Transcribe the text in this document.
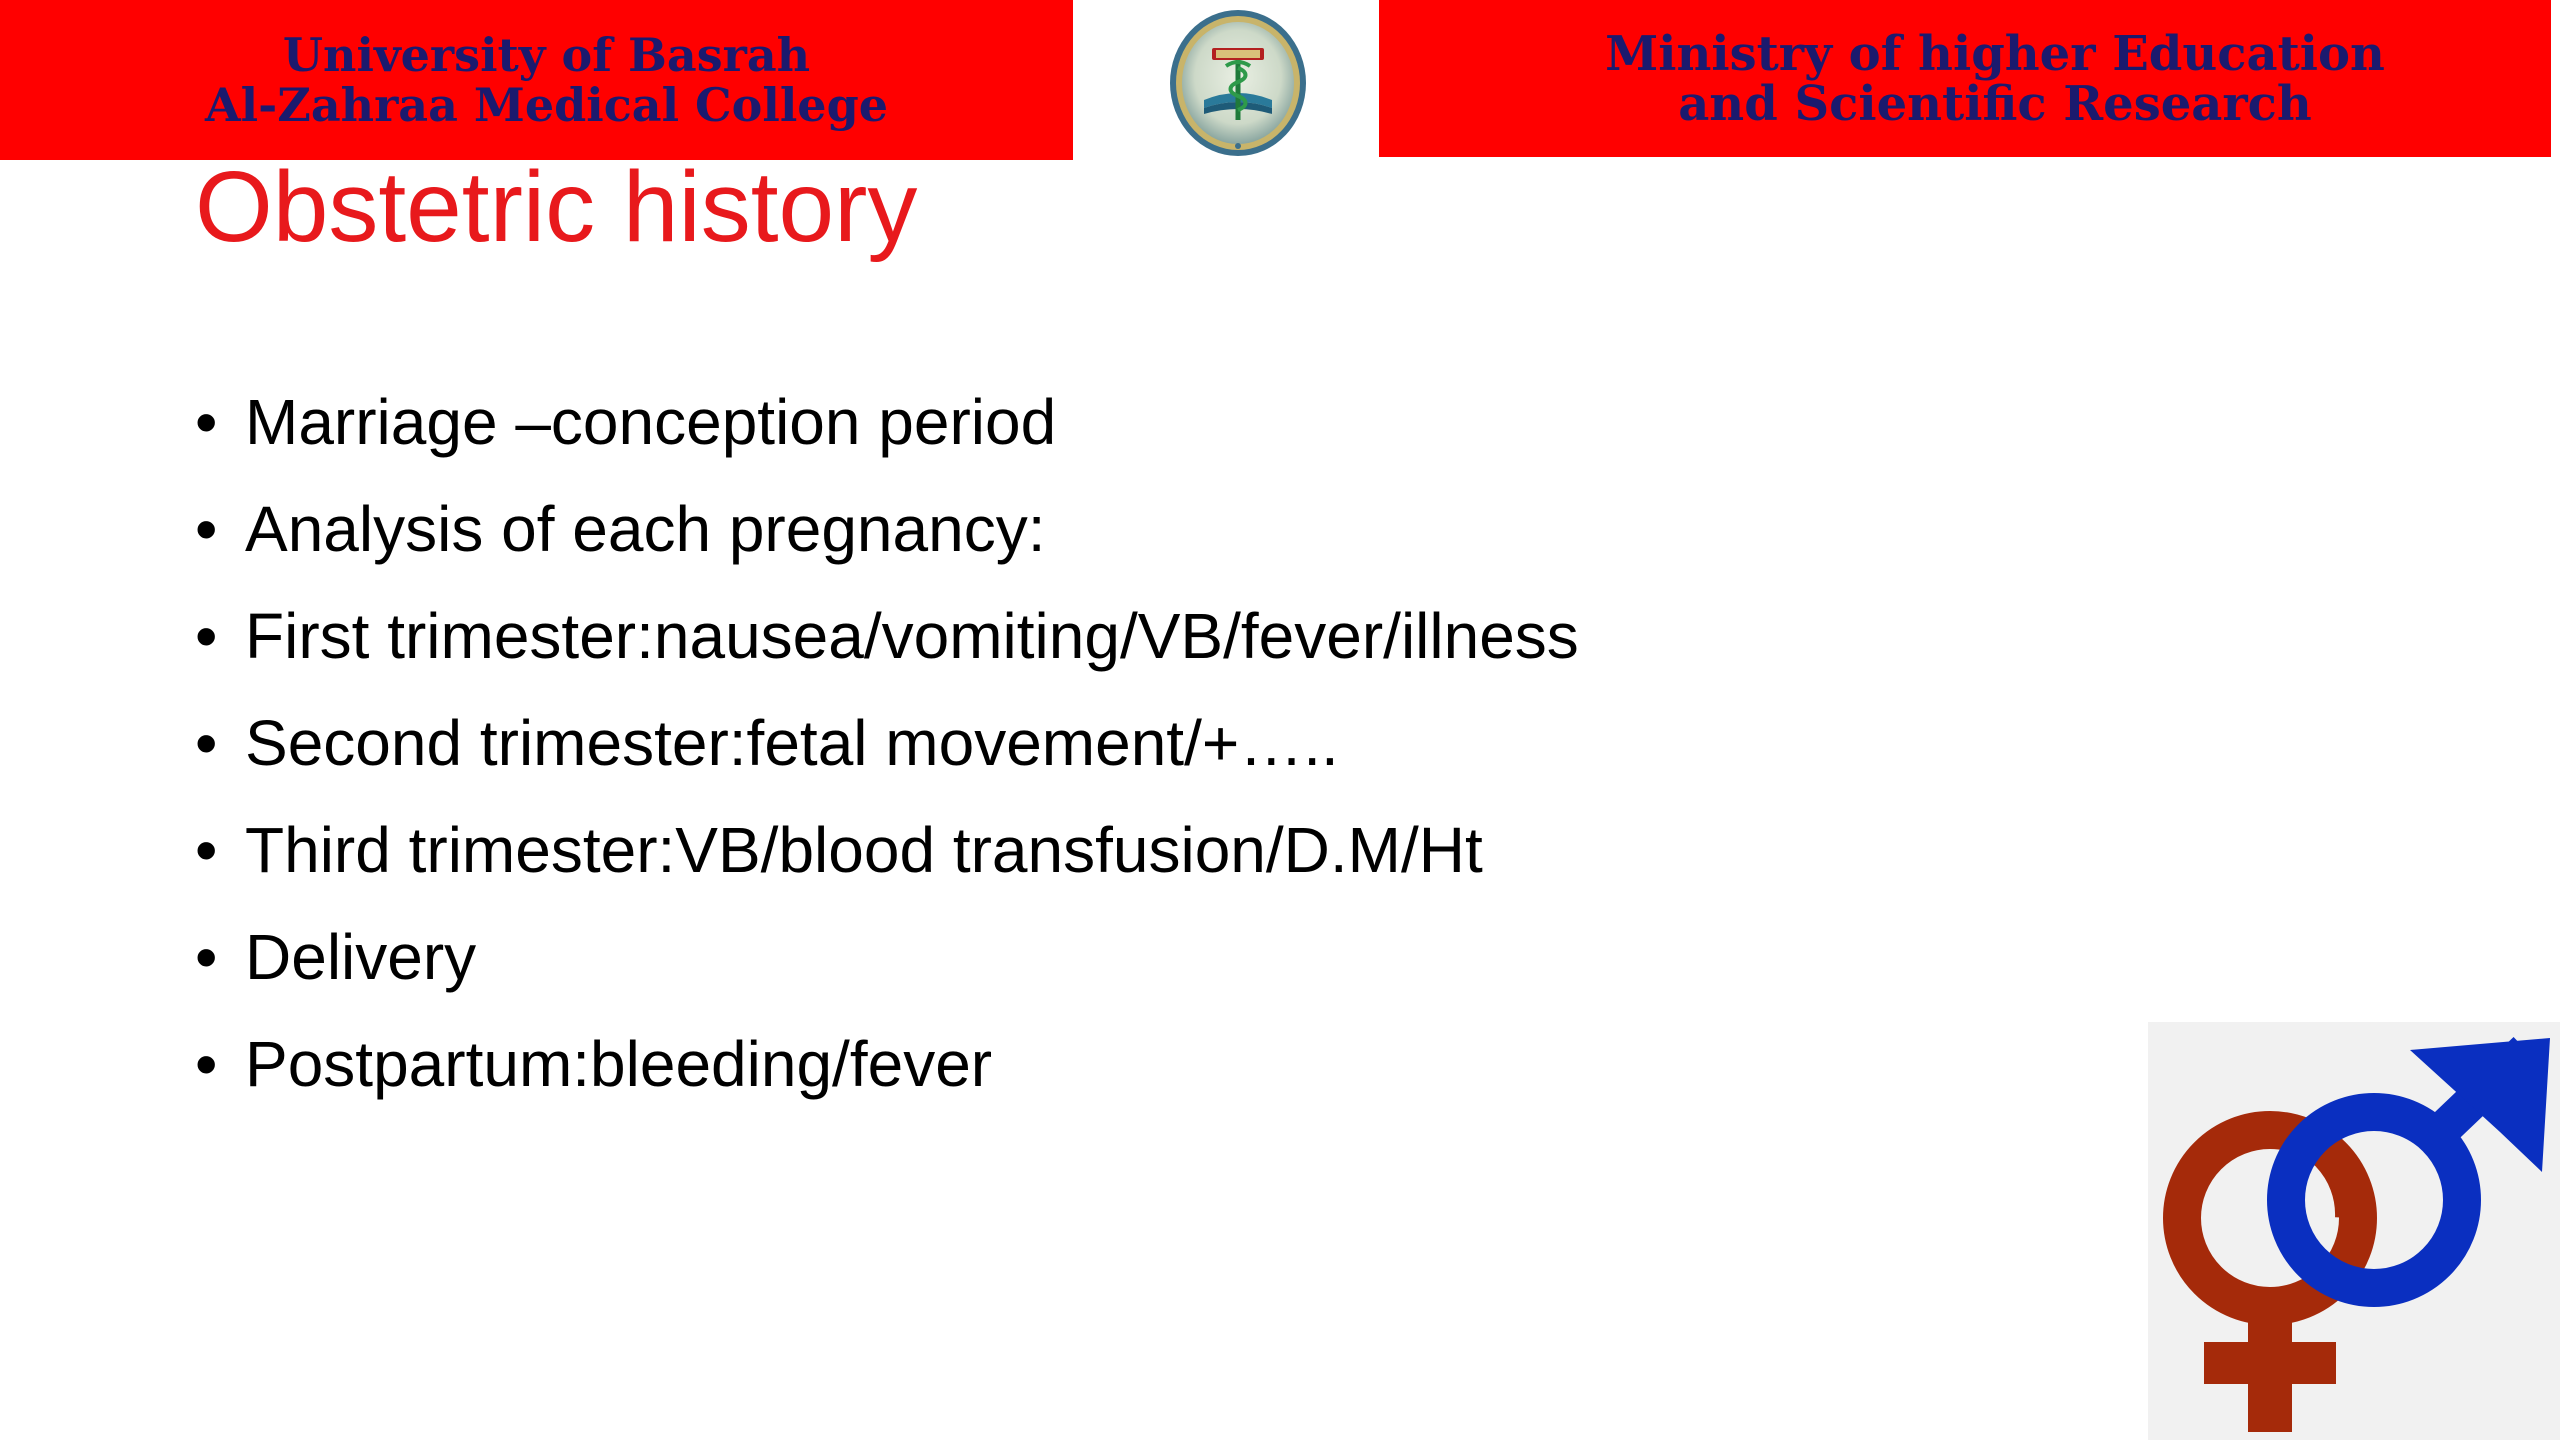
University of Basrah
Al-Zahraa Medical College
Ministry of higher Education
and Scientific Research
Obstetric history
• Marriage –conception period
• Analysis of each pregnancy:
• First trimester:nausea/vomiting/VB/fever/illness
• Second trimester:fetal movement/+…..
• Third trimester:VB/blood transfusion/D.M/Ht
• Delivery
• Postpartum:bleeding/fever
